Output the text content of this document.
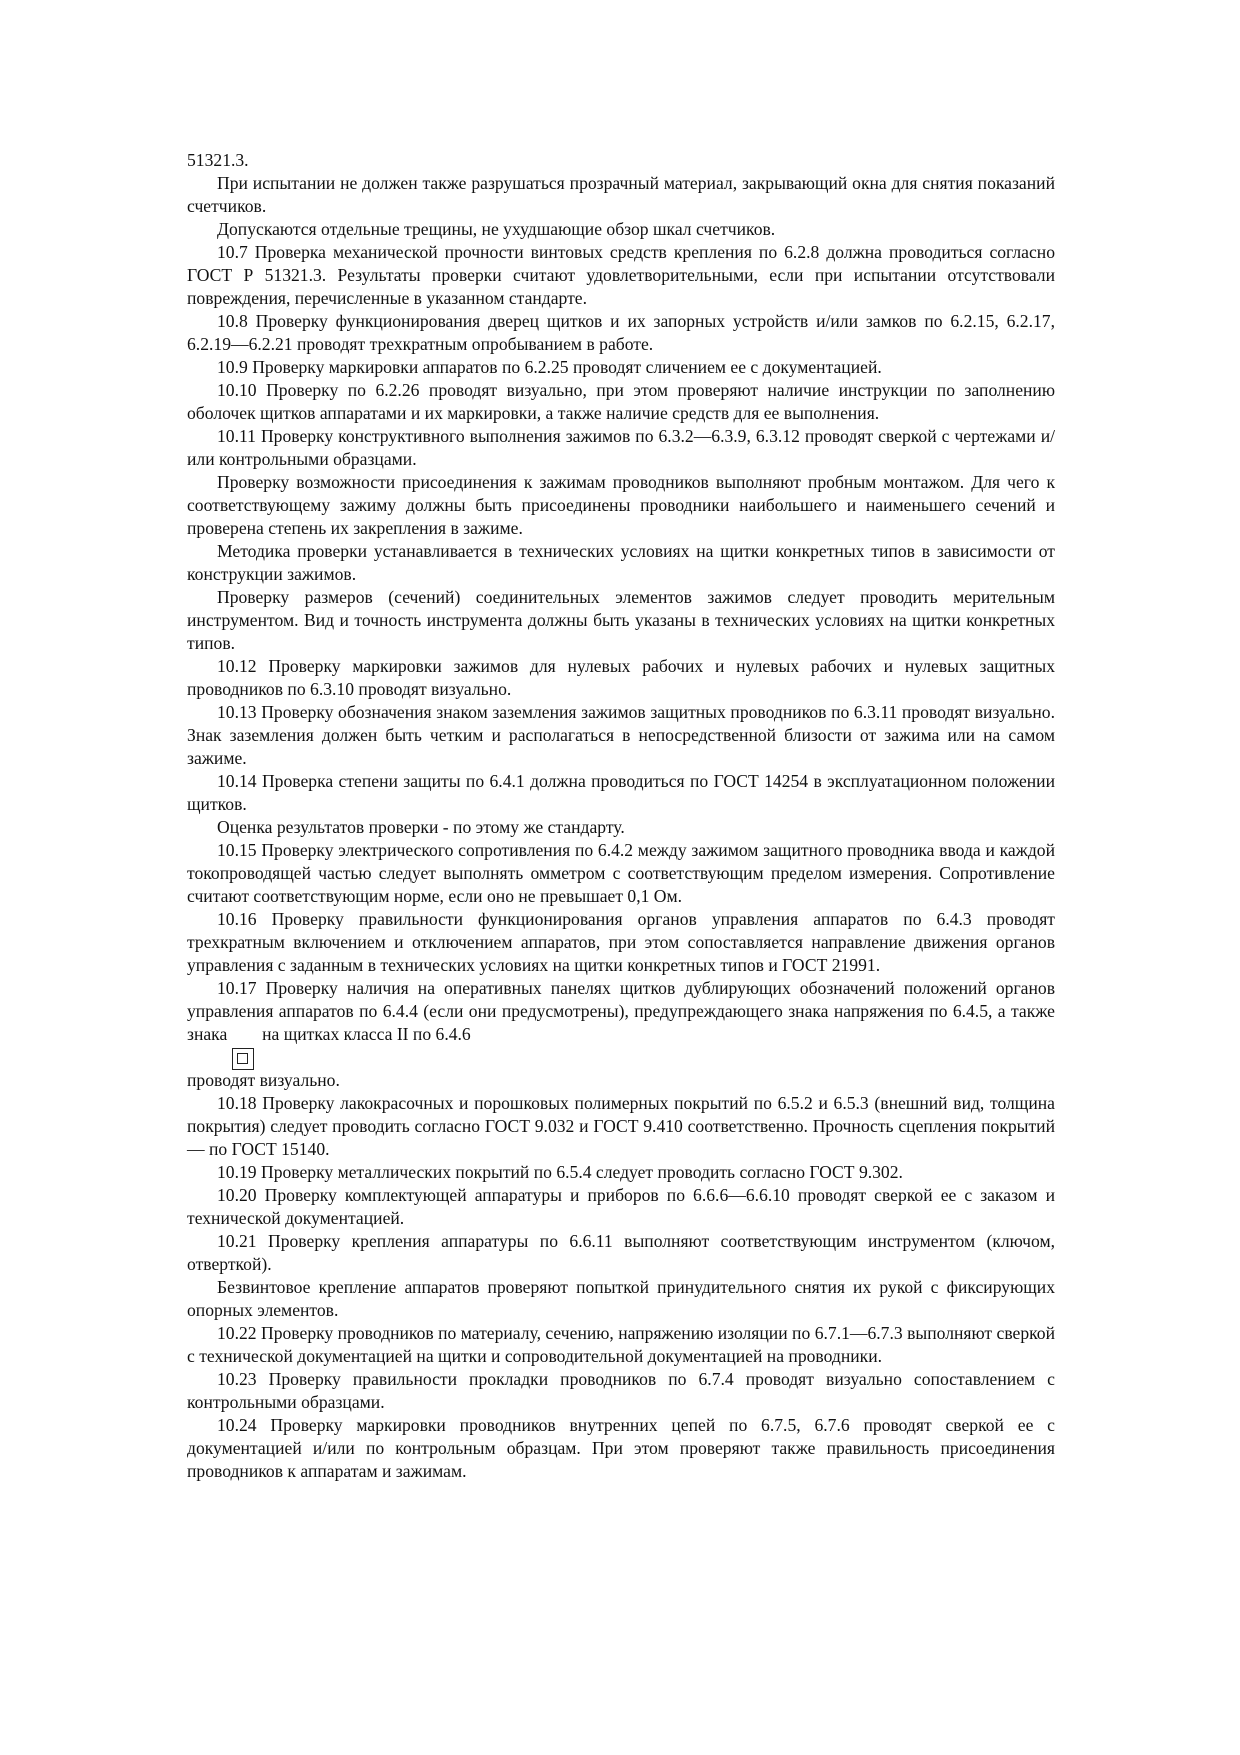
51321.3.

При испытании не должен также разрушаться прозрачный материал, закрывающий окна для снятия показаний счетчиков.

Допускаются отдельные трещины, не ухудшающие обзор шкал счетчиков.

10.7 Проверка механической прочности винтовых средств крепления по 6.2.8 должна проводиться согласно ГОСТ Р 51321.3. Результаты проверки считают удовлетворительными, если при испытании отсутствовали повреждения, перечисленные в указанном стандарте.

10.8 Проверку функционирования дверец щитков и их запорных устройств и/или замков по 6.2.15, 6.2.17, 6.2.19—6.2.21 проводят трехкратным опробыванием в работе.

10.9 Проверку маркировки аппаратов по 6.2.25 проводят сличением ее с документацией.

10.10 Проверку по 6.2.26 проводят визуально, при этом проверяют наличие инструкции по заполнению оболочек щитков аппаратами и их маркировки, а также наличие средств для ее выполнения.

10.11 Проверку конструктивного выполнения зажимов по 6.3.2—6.3.9, 6.3.12 проводят сверкой с чертежами и/или контрольными образцами.

Проверку возможности присоединения к зажимам проводников выполняют пробным монтажом. Для чего к соответствующему зажиму должны быть присоединены проводники наибольшего и наименьшего сечений и проверена степень их закрепления в зажиме.

Методика проверки устанавливается в технических условиях на щитки конкретных типов в зависимости от конструкции зажимов.

Проверку размеров (сечений) соединительных элементов зажимов следует проводить мерительным инструментом. Вид и точность инструмента должны быть указаны в технических условиях на щитки конкретных типов.

10.12 Проверку маркировки зажимов для нулевых рабочих и нулевых рабочих и нулевых защитных проводников по 6.3.10 проводят визуально.

10.13 Проверку обозначения знаком заземления зажимов защитных проводников по 6.3.11 проводят визуально. Знак заземления должен быть четким и располагаться в непосредственной близости от зажима или на самом зажиме.

10.14 Проверка степени защиты по 6.4.1 должна проводиться по ГОСТ 14254 в эксплуатационном положении щитков.

Оценка результатов проверки - по этому же стандарту.

10.15 Проверку электрического сопротивления по 6.4.2 между зажимом защитного проводника ввода и каждой токопроводящей частью следует выполнять омметром с соответствующим пределом измерения. Сопротивление считают соответствующим норме, если оно не превышает 0,1 Ом.

10.16 Проверку правильности функционирования органов управления аппаратов по 6.4.3 проводят трехкратным включением и отключением аппаратов, при этом сопоставляется направление движения органов управления с заданным в технических условиях на щитки конкретных типов и ГОСТ 21991.

10.17 Проверку наличия на оперативных панелях щитков дублирующих обозначений положений органов управления аппаратов по 6.4.4 (если они предусмотрены), предупреждающего знака напряжения по 6.4.5, а также знака на щитках класса II по 6.4.6

проводят визуально.

10.18 Проверку лакокрасочных и порошковых полимерных покрытий по 6.5.2 и 6.5.3 (внешний вид, толщина покрытия) следует проводить согласно ГОСТ 9.032 и ГОСТ 9.410 соответственно. Прочность сцепления покрытий — по ГОСТ 15140.

10.19 Проверку металлических покрытий по 6.5.4 следует проводить согласно ГОСТ 9.302.

10.20 Проверку комплектующей аппаратуры и приборов по 6.6.6—6.6.10 проводят сверкой ее с заказом и технической документацией.

10.21 Проверку крепления аппаратуры по 6.6.11 выполняют соответствующим инструментом (ключом, отверткой).

Безвинтовое крепление аппаратов проверяют попыткой принудительного снятия их рукой с фиксирующих опорных элементов.

10.22 Проверку проводников по материалу, сечению, напряжению изоляции по 6.7.1—6.7.3 выполняют сверкой с технической документацией на щитки и сопроводительной документацией на проводники.

10.23 Проверку правильности прокладки проводников по 6.7.4 проводят визуально сопоставлением с контрольными образцами.

10.24 Проверку маркировки проводников внутренних цепей по 6.7.5, 6.7.6 проводят сверкой ее с документацией и/или по контрольным образцам. При этом проверяют также правильность присоединения проводников к аппаратам и зажимам.
